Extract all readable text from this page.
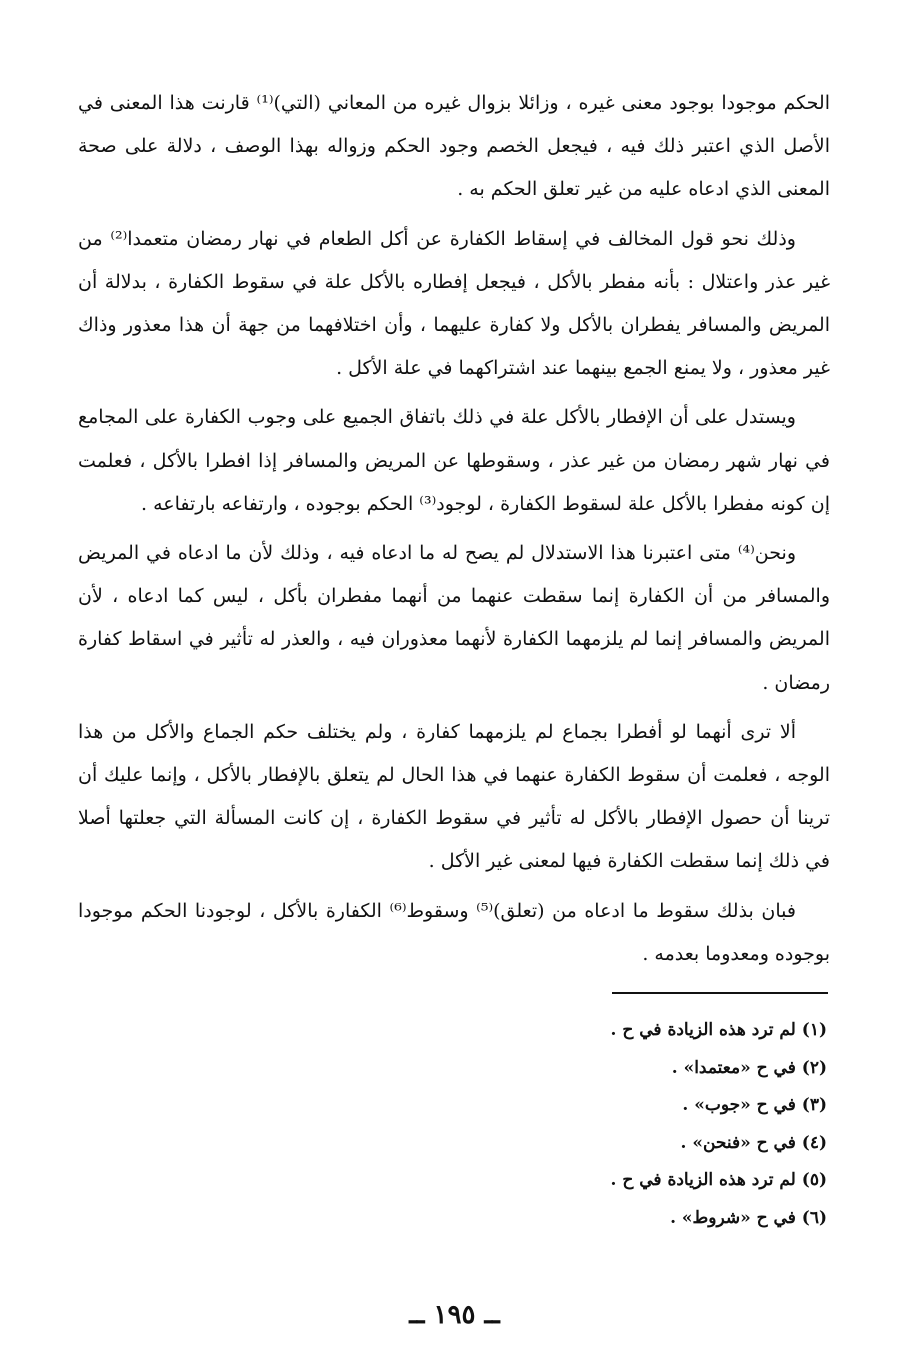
الحكم موجودا بوجود معنى غيره ، وزائلا بزوال غيره من المعاني (التي)⁽¹⁾ قارنت هذا المعنى في الأصل الذي اعتبر ذلك فيه ، فيجعل الخصم وجود الحكم وزواله بهذا الوصف ، دلالة على صحة المعنى الذي ادعاه عليه من غير تعلق الحكم به .

وذلك نحو قول المخالف في إسقاط الكفارة عن أكل الطعام في نهار رمضان متعمدا⁽²⁾ من غير عذر واعتلال : بأنه مفطر بالأكل ، فيجعل إفطاره بالأكل علة في سقوط الكفارة ، بدلالة أن المريض والمسافر يفطران بالأكل ولا كفارة عليهما ، وأن اختلافهما من جهة أن هذا معذور وذاك غير معذور ، ولا يمنع الجمع بينهما عند اشتراكهما في علة الأكل .

ويستدل على أن الإفطار بالأكل علة في ذلك باتفاق الجميع على وجوب الكفارة على المجامع في نهار شهر رمضان من غير عذر ، وسقوطها عن المريض والمسافر إذا افطرا بالأكل ، فعلمت إن كونه مفطرا بالأكل علة لسقوط الكفارة ، لوجود⁽³⁾ الحكم بوجوده ، وارتفاعه بارتفاعه .

ونحن⁽⁴⁾ متى اعتبرنا هذا الاستدلال لم يصح له ما ادعاه فيه ، وذلك لأن ما ادعاه في المريض والمسافر من أن الكفارة إنما سقطت عنهما من أنهما مفطران بأكل ، ليس كما ادعاه ، لأن المريض والمسافر إنما لم يلزمهما الكفارة لأنهما معذوران فيه ، والعذر له تأثير في اسقاط كفارة رمضان .

ألا ترى أنهما لو أفطرا بجماع لم يلزمهما كفارة ، ولم يختلف حكم الجماع والأكل من هذا الوجه ، فعلمت أن سقوط الكفارة عنهما في هذا الحال لم يتعلق بالإفطار بالأكل ، وإنما عليك أن ترينا أن حصول الإفطار بالأكل له تأثير في سقوط الكفارة ، إن كانت المسألة التي جعلتها أصلا في ذلك إنما سقطت الكفارة فيها لمعنى غير الأكل .

فبان بذلك سقوط ما ادعاه من (تعلق)⁽⁵⁾ وسقوط⁽⁶⁾ الكفارة بالأكل ، لوجودنا الحكم موجودا بوجوده ومعدوما بعدمه .

(١) لم ترد هذه الزيادة في ح .
(٢) في ح «معتمدا» .
(٣) في ح «جوب» .
(٤) في ح «فنحن» .
(٥) لم ترد هذه الزيادة في ح .
(٦) في ح «شروط» .
ــ ١٩٥ ــ
